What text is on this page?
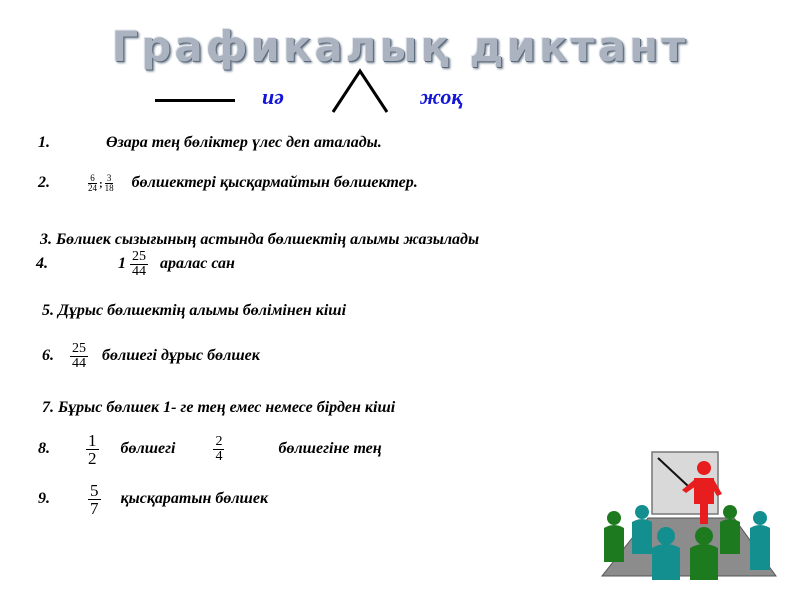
Графикалық диктант
иә	жоқ
1.	Өзара тең бөліктер үлес деп аталады.
2.	$\frac{6}{24}$ ; $\frac{3}{18}$ бөлшектері қысқармайтын бөлшектер.
3. Бөлшек сызығының астында бөлшектің алымы жазылады
4.	$1 \frac{25}{44}$ аралас сан
5. Дұрыс бөлшектің алымы бөлімінен кіші
6. $\frac{25}{44}$ бөлшегі дұрыс бөлшек
7. Бұрыс бөлшек 1- ге тең емес немесе бірден кіші
8. $\frac{1}{2}$ бөлшегі	$\frac{2}{4}$	бөлшегіне тең
9. $\frac{5}{7}$ қысқаратын бөлшек
